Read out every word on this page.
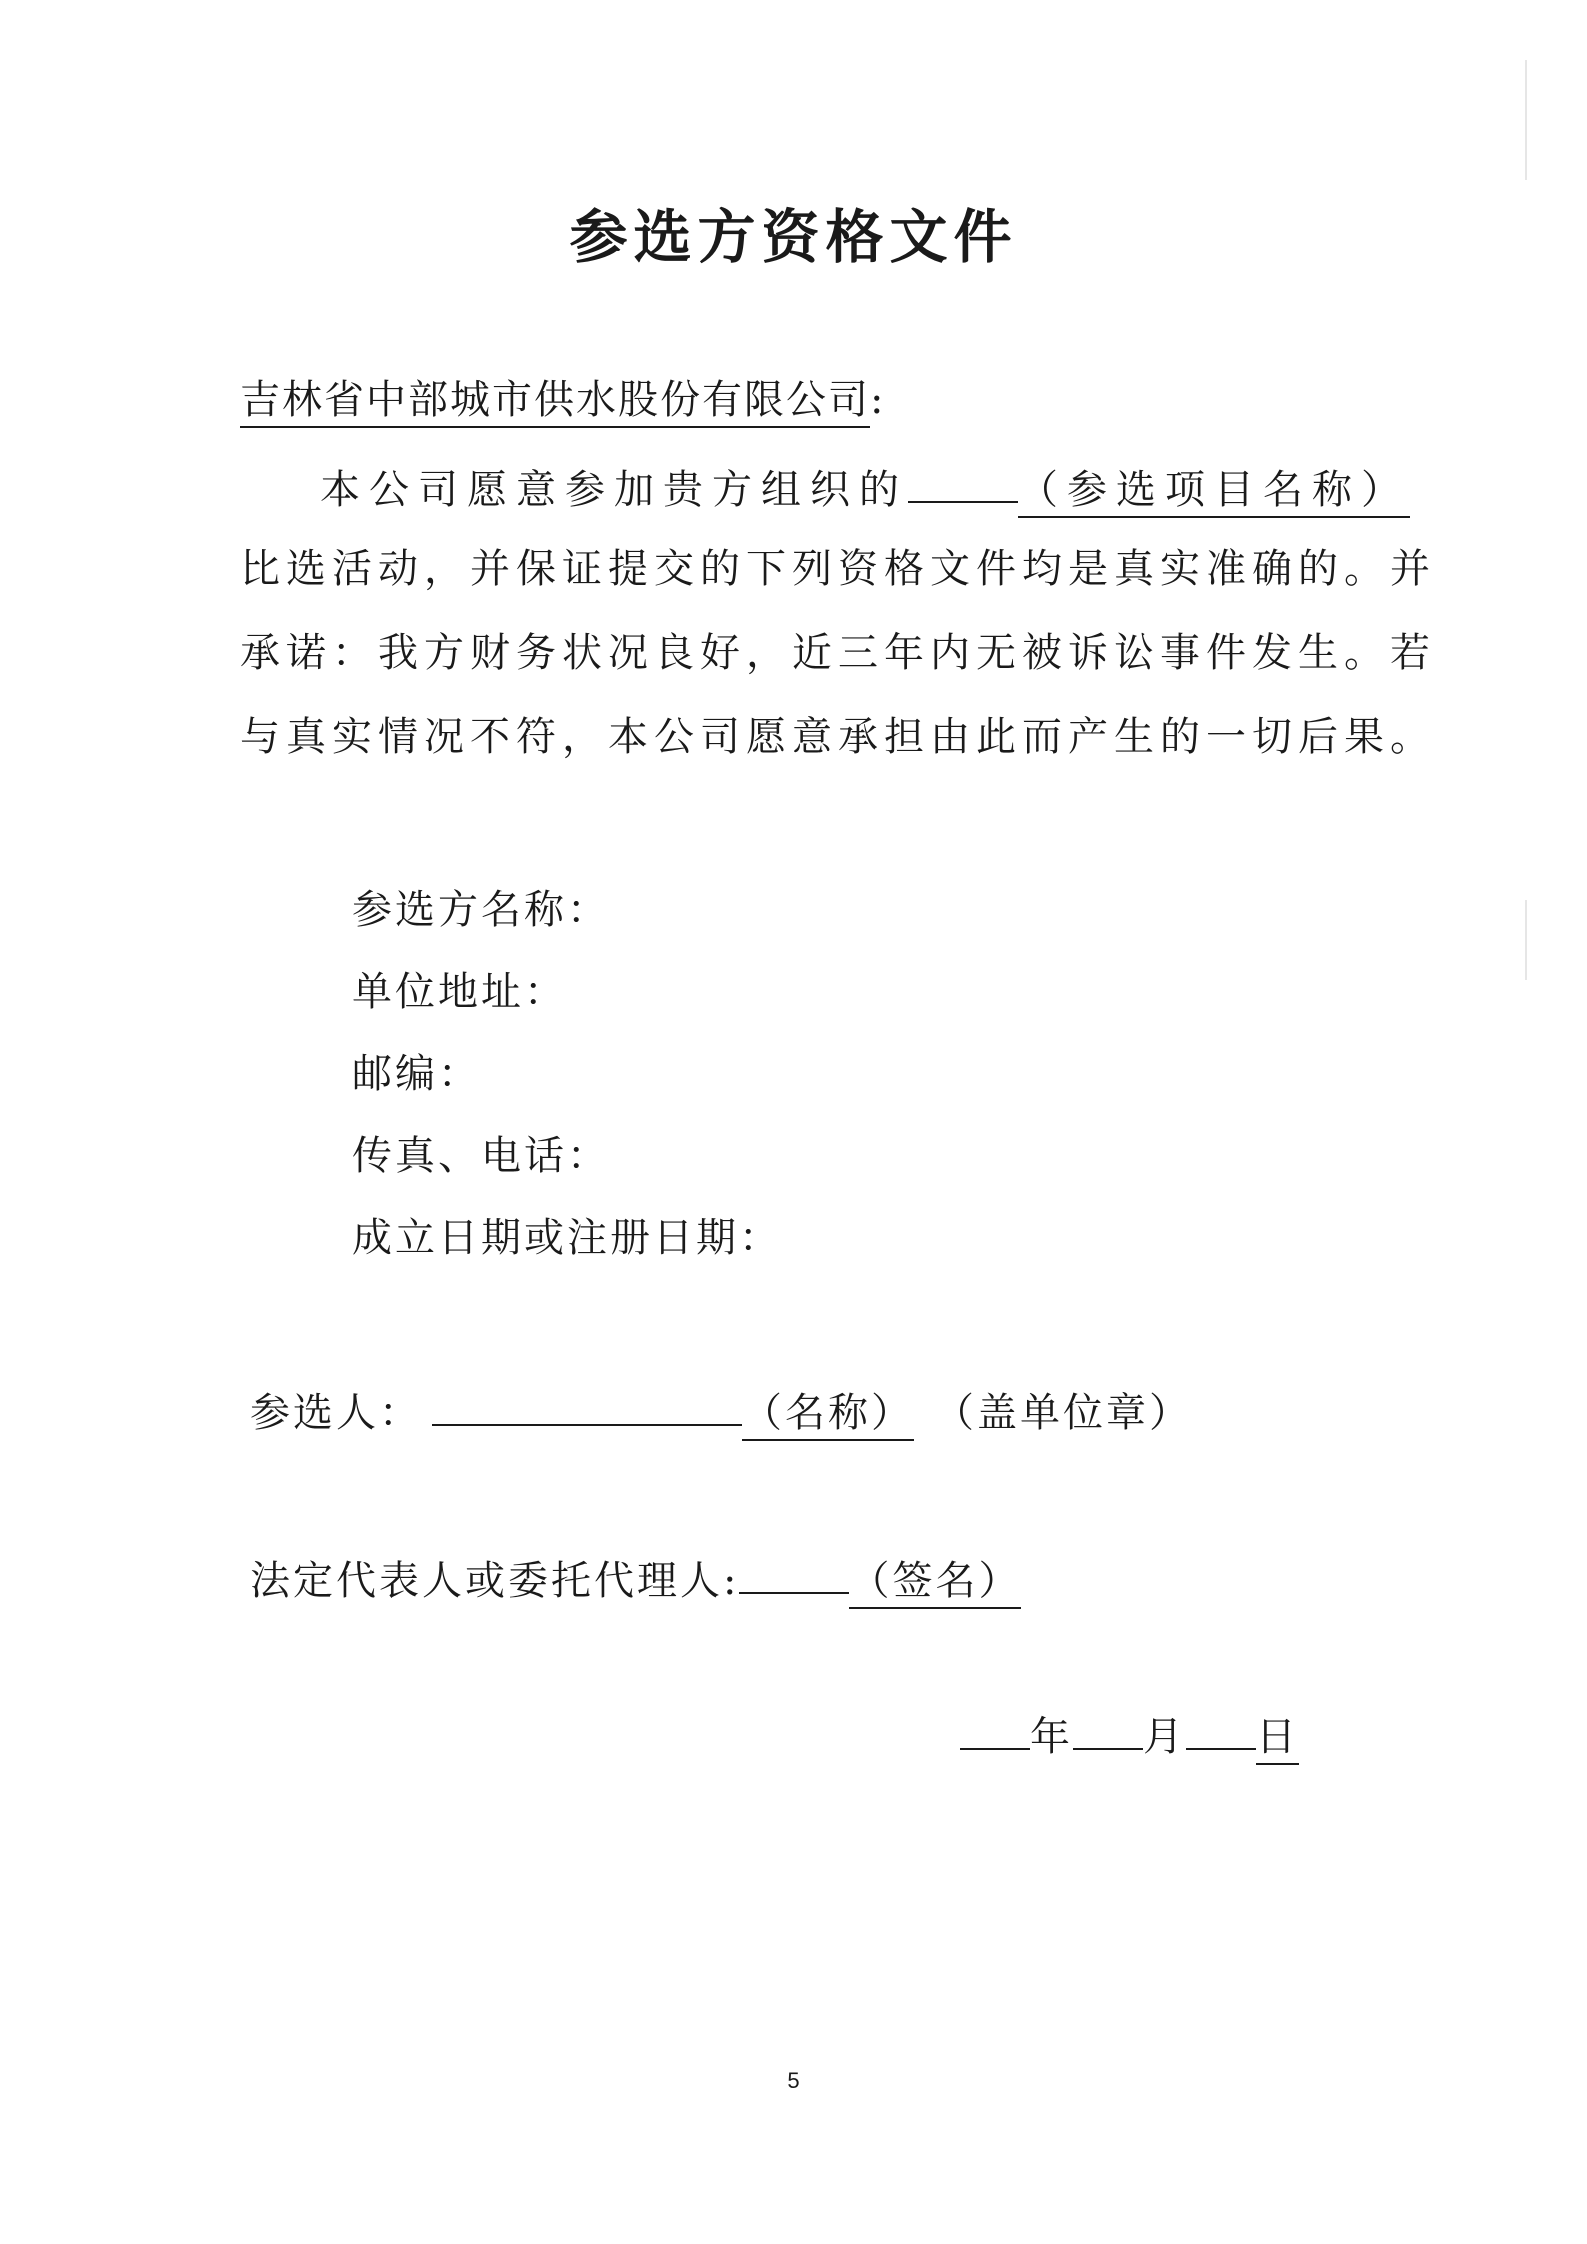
参选方资格文件
吉林省中部城市供水股份有限公司:
本公司愿意参加贵方组织的	（参选项目名称）
比选活动，并保证提交的下列资格文件均是真实准确的。并
承诺：我方财务状况良好，近三年内无被诉讼事件发生。若
与真实情况不符，本公司愿意承担由此而产生的一切后果。
参选方名称：
单位地址：
邮编：
传真、电话：
成立日期或注册日期：
参选人：	（名称） （盖单位章）
法定代表人或委托代理人:	（签名）
年 月 日
5
